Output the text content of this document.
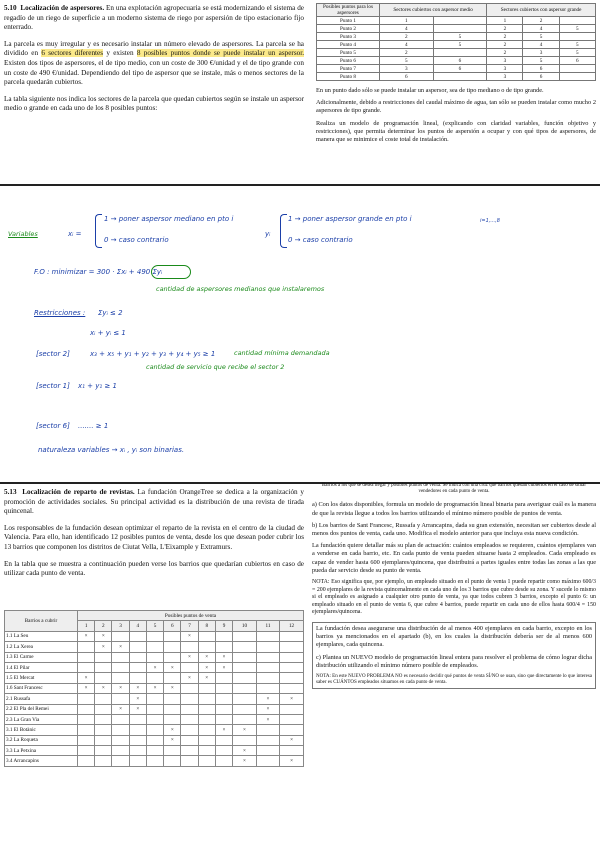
5.10 Localización de aspersores. En una explotación agropecuaria se está modernizando el sistema de regadío de un riego de superficie a un moderno sistema de riego por aspersión de tipo estacionario fijo enterrado.

La parcela es muy irregular y es necesario instalar un número elevado de aspersores. La parcela se ha dividido en 6 sectores diferentes y existen 8 posibles puntos donde se puede instalar un aspersor. Existen dos tipos de aspersores, el de tipo medio, con un coste de 300 €/unidad y el de tipo grande con un coste de 490 €/unidad. Dependiendo del tipo de aspersor que se instale, más o menos sectores de la parcela quedarán cubiertos.

La tabla siguiente nos indica los sectores de la parcela que quedan cubiertos según se instale un aspersor medio o grande en cada uno de los 8 posibles puntos:

Posibles puntos para los aspersores	Sectores cubiertos con aspersor medio		Sectores cubiertos con aspersor grande		
Punto 1	1		1	2	
Punto 2	4		2	4	5
Punto 3	2	5	2	5	
Punto 4	4	5	2	4	5
Punto 5	2		2	3	5
Punto 6	5	6	3	5	6
Punto 7	3	6	3	6	
Punto 8	6		3	6	

En un punto dado sólo se puede instalar un aspersor, sea de tipo mediano o de tipo grande.

Adicionalmente, debido a restricciones del caudal máximo de agua, tan sólo se pueden instalar como mucho 2 aspersores de tipo grande.

Realiza un modelo de programación lineal, (explicando con claridad variables, función objetivo y restricciones), que permita determinar los puntos de aspersión a ocupar y con qué tipos de aspersores, de manera que se minimice el coste total de instalación.

Variables	xᵢ =
1 → poner aspersor mediano en pto i
0 → caso contrario
yᵢ
1 → poner aspersor grande en pto i
0 → caso contrario
i=1,...,8
F.O : minimizar = 300 · Σxᵢ + 490 Σyᵢ
cantidad de aspersores medianos que instalaremos
Restricciones : Σyᵢ ≤ 2
xᵢ + yᵢ ≤ 1
[sector 2]	x₃ + x₅ + y₁ + y₂ + y₃ + y₄ + y₅ ≥ 1	cantidad mínima demandada
cantidad de servicio que recibe el sector 2
[sector 1] x₁ + y₁ ≥ 1
[sector 6] ....... ≥ 1
naturaleza variables → xᵢ , yᵢ son binarias.

5.13 Localización de reparto de revistas. La fundación OrangeTree se dedica a la organización y promoción de actividades sociales. Su principal actividad es la distribución de una revista de tirada quincenal.

Los responsables de la fundación desean optimizar el reparto de la revista en el centro de la ciudad de Valencia. Para ello, han identificado 12 posibles puntos de venta, desde los que desean poder cubrir los 13 barrios que componen los distritos de Ciutat Vella, L'Eixample y Extramurs.

En la tabla que se muestra a continuación pueden verse los barrios que quedarían cubiertos en caso de utilizar cada punto de venta.

Barrios a cubrir	Posibles puntos de venta											
	1	2	3	4	5	6	7	8	9	10	11	12
1.1 La Seu	×	×					×					
1.2 La Xerea		×	×									
1.3 El Carme							×	×	×			
1.4 El Pilar					×	×		×	×			
1.5 El Mercat	×						×	×				
1.6 Sant Francesc	×	×	×	×	×	×						
2.1 Russafa				×							×	×
2.2 El Pla del Remei			×	×							×	
2.3 La Gran Via											×	
3.1 El Botànic						×			×	×		
3.2 La Roqueta						×						×
3.3 La Petxina										×		
3.4 Arrancapins										×		×

Barrios a los que se desea llegar y posibles puntos de venta. Se indica con una cruz qué barrios quedan cubiertos en el caso de situar vendedores en cada punto de venta.

a) Con los datos disponibles, formula un modelo de programación lineal binaria para averiguar cuál es la manera de que la revista llegue a todos los barrios utilizando el mínimo número posible de puntos de venta.

b) Los barrios de Sant Francesc, Russafa y Arrancapins, dada su gran extensión, necesitan ser cubiertos desde al menos dos puntos de venta, cada uno. Modifica el modelo anterior para que incluya esta nueva condición.

La fundación quiere detallar más su plan de actuación: cuántos empleados se requieren, cuántos ejemplares van a venderse en cada barrio, etc. En cada punto de venta pueden situarse hasta 2 empleados. Cada empleado es capaz de vender hasta 600 ejemplares/quincena, que distribuirá a partes iguales entre todas las zonas a las que pueda dar servicio desde su punto de venta.

NOTA: Eso significa que, por ejemplo, un empleado situado en el punto de venta 1 puede repartir como máximo 600/3 = 200 ejemplares de la revista quincenalmente en cada uno de los 3 barrios que cubre desde su zona. Y sucede lo mismo si el empleado es asignado a cualquier otro punto de venta, ya que todos cubren 3 barrios, excepto el punto 6: un empleado situado en el punto de venta 6, que cubre 4 barrios, puede repartir en cada uno de ellos hasta 600/4 = 150 ejemplares/quincena.

La fundación desea asegurarse una distribución de al menos 400 ejemplares en cada barrio, excepto en los barrios ya mencionados en el apartado (b), en los cuales la distribución debería ser de al menos 600 ejemplares, cada quincena.

c) Plantea un NUEVO modelo de programación lineal entera para resolver el problema de cómo lograr dicha distribución utilizando el mínimo número posible de empleados.

NOTA: En este NUEVO PROBLEMA NO es necesario decidir qué puntos de venta SÍ/NO se usan, sino que directamente lo que interesa saber es CUÁNTOS empleados situamos en cada punto de venta.
